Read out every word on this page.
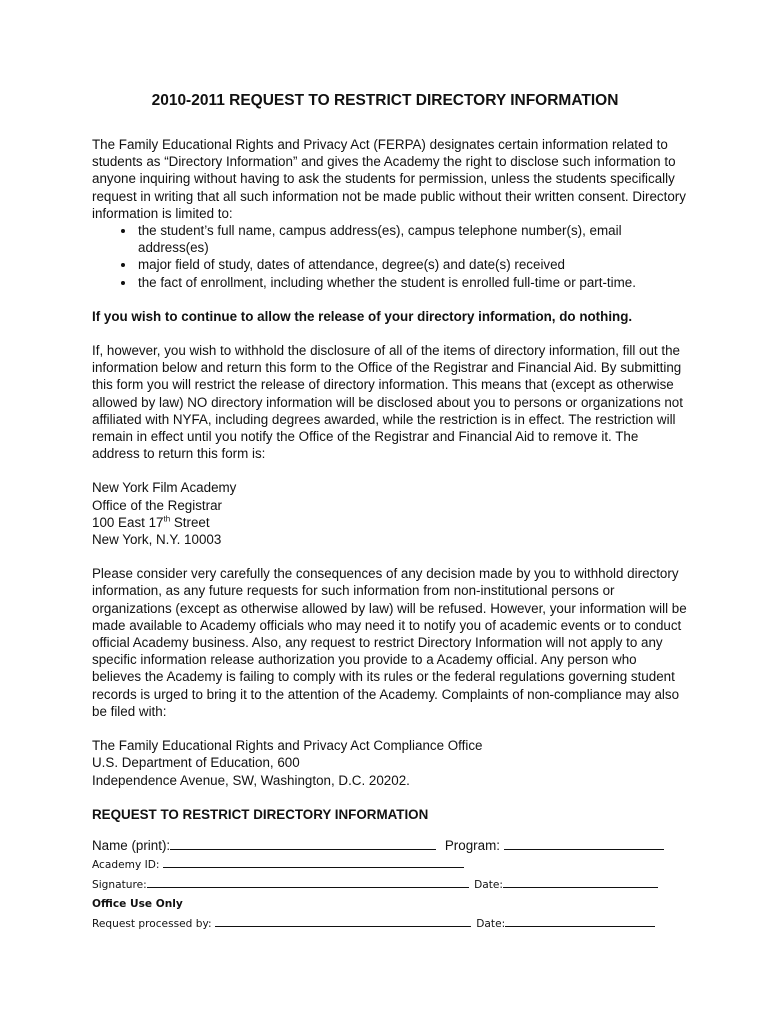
2010-2011 REQUEST TO RESTRICT DIRECTORY INFORMATION

The Family Educational Rights and Privacy Act (FERPA) designates certain information related to students as “Directory Information” and gives the Academy the right to disclose such information to anyone inquiring without having to ask the students for permission, unless the students specifically request in writing that all such information not be made public without their written consent. Directory information is limited to:

• the student’s full name, campus address(es), campus telephone number(s), email address(es)
• major field of study, dates of attendance, degree(s) and date(s) received
• the fact of enrollment, including whether the student is enrolled full-time or part-time.

If you wish to continue to allow the release of your directory information, do nothing.

If, however, you wish to withhold the disclosure of all of the items of directory information, fill out the information below and return this form to the Office of the Registrar and Financial Aid. By submitting this form you will restrict the release of directory information. This means that (except as otherwise allowed by law) NO directory information will be disclosed about you to persons or organizations not affiliated with NYFA, including degrees awarded, while the restriction is in effect. The restriction will remain in effect until you notify the Office of the Registrar and Financial Aid to remove it. The address to return this form is:

New York Film Academy
Office of the Registrar
100 East 17th Street
New York, N.Y. 10003

Please consider very carefully the consequences of any decision made by you to withhold directory information, as any future requests for such information from non-institutional persons or organizations (except as otherwise allowed by law) will be refused. However, your information will be made available to Academy officials who may need it to notify you of academic events or to conduct official Academy business. Also, any request to restrict Directory Information will not apply to any specific information release authorization you provide to a Academy official. Any person who believes the Academy is failing to comply with its rules or the federal regulations governing student records is urged to bring it to the attention of the Academy. Complaints of non-compliance may also be filed with:

The Family Educational Rights and Privacy Act Compliance Office
U.S. Department of Education, 600
Independence Avenue, SW, Washington, D.C. 20202.

REQUEST TO RESTRICT DIRECTORY INFORMATION

Name (print):	Program:
Academy ID:
Signature:	Date:
Office Use Only
Request processed by:	Date:
